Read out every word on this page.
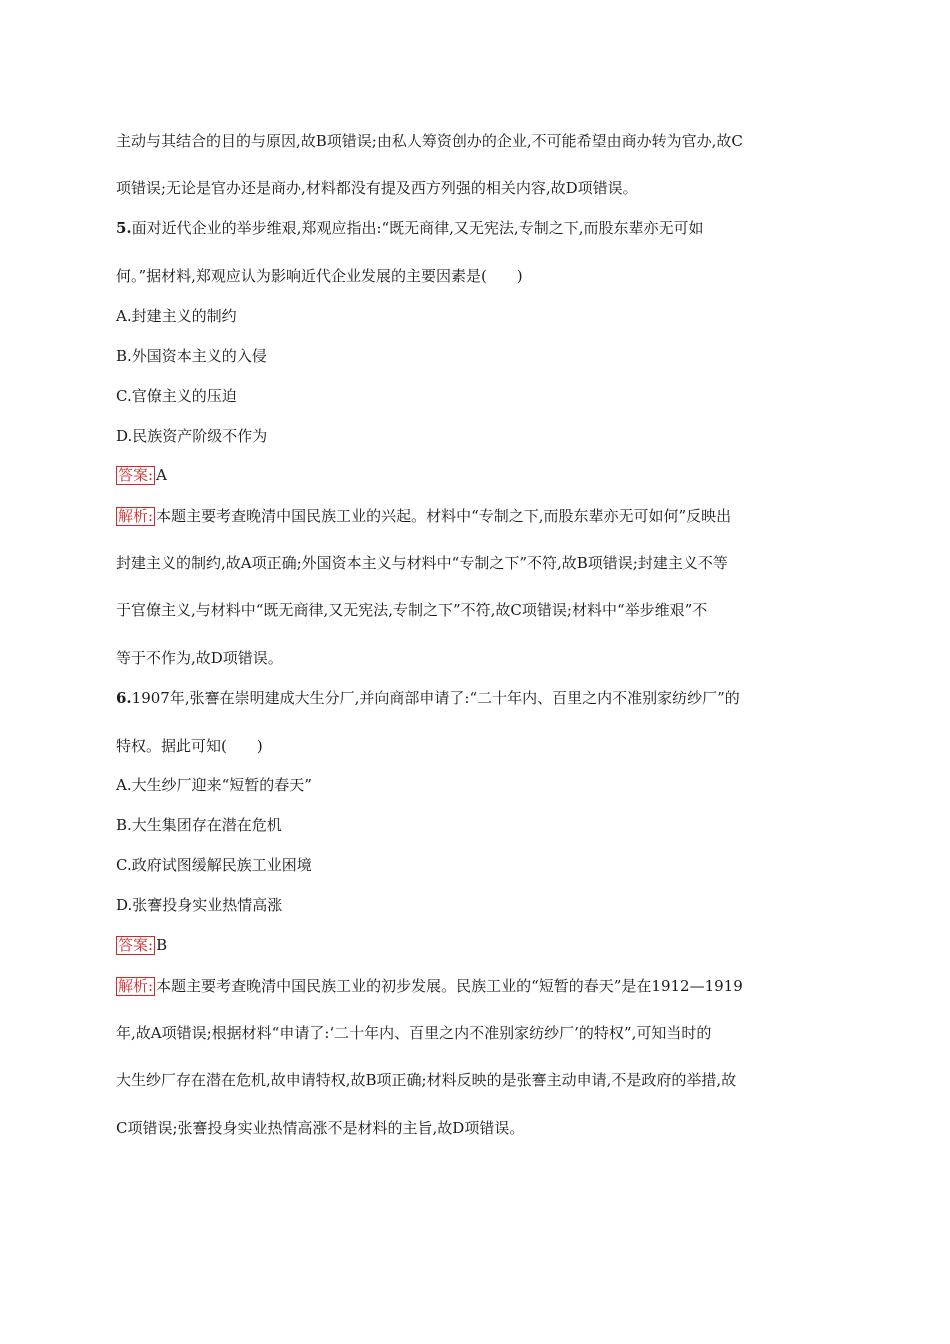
主动与其结合的目的与原因,故B项错误;由私人筹资创办的企业,不可能希望由商办转为官办,故C
项错误;无论是官办还是商办,材料都没有提及西方列强的相关内容,故D项错误。
5.面对近代企业的举步维艰,郑观应指出:“既无商律,又无宪法,专制之下,而股东辈亦无可如
何。”据材料,郑观应认为影响近代企业发展的主要因素是(　　)
A.封建主义的制约
B.外国资本主义的入侵
C.官僚主义的压迫
D.民族资产阶级不作为
答案: A
解析: 本题主要考查晚清中国民族工业的兴起。材料中“专制之下,而股东辈亦无可如何”反映出
封建主义的制约,故A项正确;外国资本主义与材料中“专制之下”不符,故B项错误;封建主义不等
于官僚主义,与材料中“既无商律,又无宪法,专制之下”不符,故C项错误;材料中“举步维艰”不
等于不作为,故D项错误。
6.1907年,张謇在崇明建成大生分厂,并向商部申请了:“二十年内、百里之内不准别家纺纱厂”的
特权。据此可知(　　)
A.大生纱厂迎来“短暂的春天”
B.大生集团存在潜在危机
C.政府试图缓解民族工业困境
D.张謇投身实业热情高涨
答案: B
解析: 本题主要考查晚清中国民族工业的初步发展。民族工业的“短暂的春天”是在1912—1919
年,故A项错误;根据材料“申请了:‘二十年内、百里之内不准别家纺纱厂’的特权”,可知当时的
大生纱厂存在潜在危机,故申请特权,故B项正确;材料反映的是张謇主动申请,不是政府的举措,故
C项错误;张謇投身实业热情高涨不是材料的主旨,故D项错误。
